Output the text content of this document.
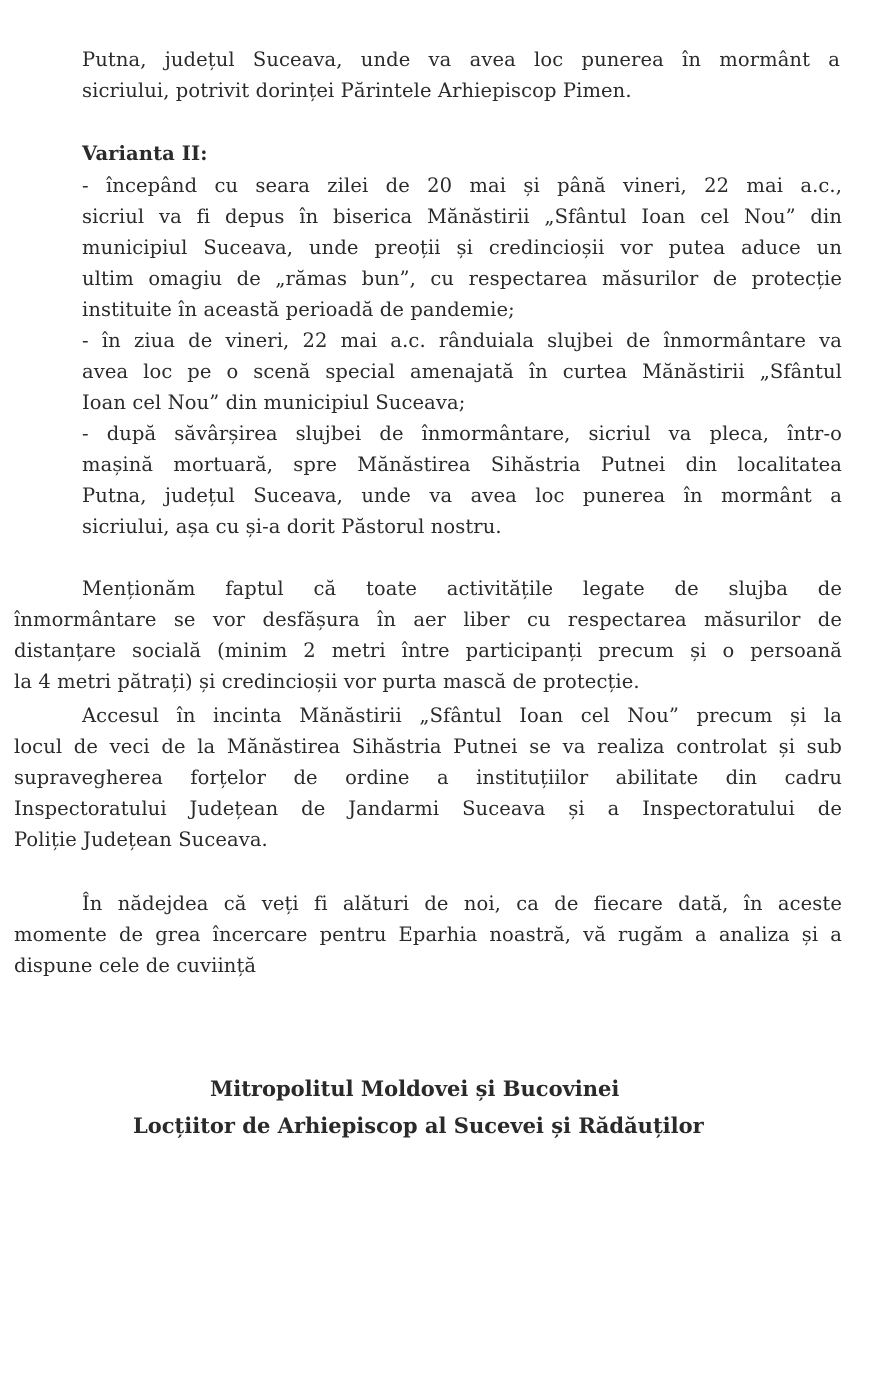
Putna, județul Suceava, unde va avea loc punerea în mormânt a
sicriului, potrivit dorinței Părintele Arhiepiscop Pimen.
Varianta II:
- începând cu seara zilei de 20 mai și până vineri, 22 mai a.c.,
sicriul va fi depus în biserica Mănăstirii „Sfântul Ioan cel Nou” din
municipiul Suceava, unde preoții și credincioșii vor putea aduce un
ultim omagiu de „rămas bun”, cu respectarea măsurilor de protecție
instituite în această perioadă de pandemie;
- în ziua de vineri, 22 mai a.c. rânduiala slujbei de înmormântare va
avea loc pe o scenă special amenajată în curtea Mănăstirii „Sfântul
Ioan cel Nou” din municipiul Suceava;
- după săvârșirea slujbei de înmormântare, sicriul va pleca, într-o
mașină mortuară, spre Mănăstirea Sihăstria Putnei din localitatea
Putna, județul Suceava, unde va avea loc punerea în mormânt a
sicriului, așa cu și-a dorit Păstorul nostru.
Menționăm faptul că toate activitățile legate de slujba de
înmormântare se vor desfășura în aer liber cu respectarea măsurilor de
distanțare socială (minim 2 metri între participanți precum și o persoană
la 4 metri pătrați) și credincioșii vor purta mască de protecție.
Accesul în incinta Mănăstirii „Sfântul Ioan cel Nou” precum și la
locul de veci de la Mănăstirea Sihăstria Putnei se va realiza controlat și sub
supravegherea forțelor de ordine a instituțiilor abilitate din cadru
Inspectoratului Județean de Jandarmi Suceava și a Inspectoratului de
Poliție Județean Suceava.
În nădejdea că veți fi alături de noi, ca de fiecare dată, în aceste
momente de grea încercare pentru Eparhia noastră, vă rugăm a analiza și a
dispune cele de cuviință
Mitropolitul Moldovei și Bucovinei
Locțiitor de Arhiepiscop al Sucevei și Rădăuților
